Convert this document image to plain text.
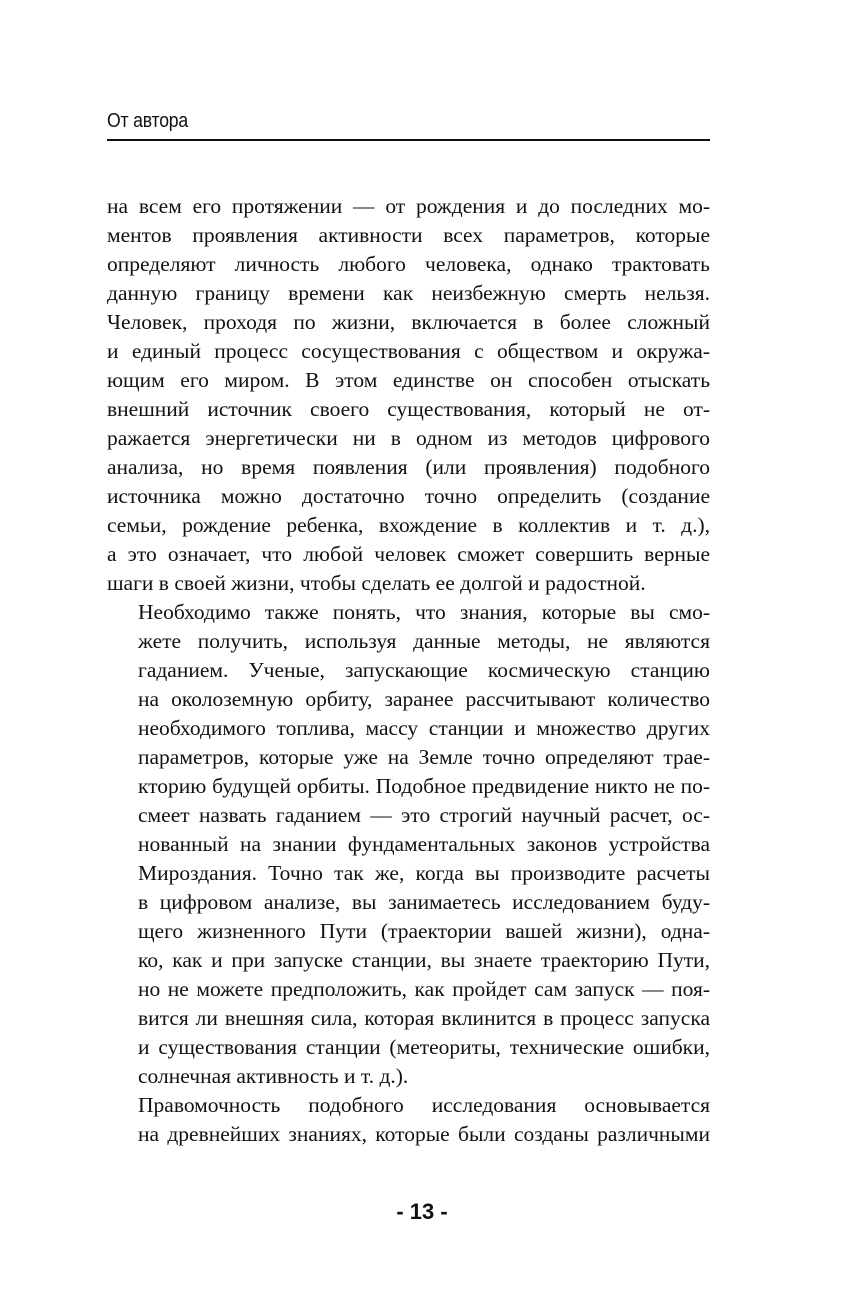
От автора

на всем его протяжении — от рождения и до последних мо-
ментов проявления активности всех параметров, которые
определяют личность любого человека, однако трактовать
данную границу времени как неизбежную смерть нельзя.
Человек, проходя по жизни, включается в более сложный
и единый процесс сосуществования с обществом и окружа-
ющим его миром. В этом единстве он способен отыскать
внешний источник своего существования, который не от-
ражается энергетически ни в одном из методов цифрового
анализа, но время появления (или проявления) подобного
источника можно достаточно точно определить (создание
семьи, рождение ребенка, вхождение в коллектив и т. д.),
а это означает, что любой человек сможет совершить верные
шаги в своей жизни, чтобы сделать ее долгой и радостной.

Необходимо также понять, что знания, которые вы смо-
жете получить, используя данные методы, не являются
гаданием. Ученые, запускающие космическую станцию
на околоземную орбиту, заранее рассчитывают количество
необходимого топлива, массу станции и множество других
параметров, которые уже на Земле точно определяют трае-
кторию будущей орбиты. Подобное предвидение никто не по-
смеет назвать гаданием — это строгий научный расчет, ос-
нованный на знании фундаментальных законов устройства
Мироздания. Точно так же, когда вы производите расчеты
в цифровом анализе, вы занимаетесь исследованием буду-
щего жизненного Пути (траектории вашей жизни), одна-
ко, как и при запуске станции, вы знаете траекторию Пути,
но не можете предположить, как пройдет сам запуск — поя-
вится ли внешняя сила, которая вклинится в процесс запуска
и существования станции (метеориты, технические ошибки,
солнечная активность и т. д.).

Правомочность подобного исследования основывается
на древнейших знаниях, которые были созданы различными

- 13 -
